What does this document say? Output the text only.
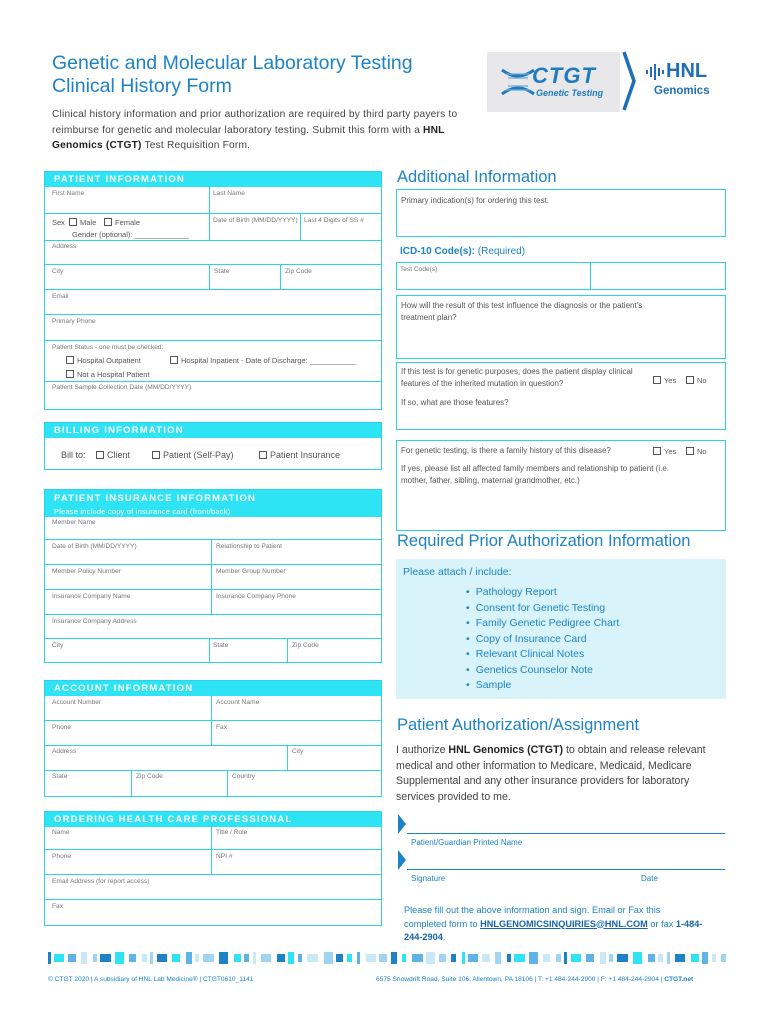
Genetic and Molecular Laboratory Testing
Clinical History Form
Clinical history information and prior authorization are required by third party payers to reimburse for genetic and molecular laboratory testing. Submit this form with a HNL Genomics (CTGT) Test Requisition Form.
CTGT
Genetic Testing
HNL
Genomics
PATIENT INFORMATION
First Name	Last Name
Sex	Male	Female
Gender (optional): _____________
Date of Birth (MM/DD/YYYY) Last 4 Digits of SS #
Address
City	State	Zip Code
Email
Primary Phone
Patient Status - one must be checked:
Hospital Outpatient	Hospital Inpatient - Date of Discharge: ___________
Not a Hospital Patient
Patient Sample Collection Date (MM/DD/YYYY)
BILLING INFORMATION
Bill to:	Client	Patient (Self-Pay)	Patient Insurance
PATIENT INSURANCE INFORMATION
Please include copy of insurance card (front/back)
Member Name
Date of Birth (MM/DD/YYYY)	Relationship to Patient
Member Policy Number	Member Group Number
Insurance Company Name	Insurance Company Phone
Insurance Company Address
City	State	Zip Code
ACCOUNT INFORMATION
Account Number	Account Name
Phone	Fax
Address	City
State	Zip Code	Country
ORDERING HEALTH CARE PROFESSIONAL
Name	Title / Role
Phone	NPI #
Email Address (for report access)
Fax
Additional Information
Primary indication(s) for ordering this test.
ICD-10 Code(s): (Required)
Test Code(s)
How will the result of this test influence the diagnosis or the patient's treatment plan?
If this test is for genetic purposes, does the patient display clinical features of the inherited mutation in question?
If so, what are those features?
Yes	No
For genetic testing, is there a family history of this disease?
If yes, please list all affected family members and relationship to patient (i.e. mother, father, sibling, maternal grandmother, etc.)
Yes	No
Required Prior Authorization Information
Please attach / include:
• Pathology Report
• Consent for Genetic Testing
• Family Genetic Pedigree Chart
• Copy of Insurance Card
• Relevant Clinical Notes
• Genetics Counselor Note
• Sample
Patient Authorization/Assignment
I authorize HNL Genomics (CTGT) to obtain and release relevant medical and other information to Medicare, Medicaid, Medicare Supplemental and any other insurance providers for laboratory services provided to me.
Patient/Guardian Printed Name
Signature	Date
Please fill out the above information and sign. Email or Fax this completed form to HNLGENOMICSINQUIRIES@HNL.COM or fax 1-484-244-2904.
© CTGT 2020 | A subsidiary of HNL Lab Medicine® | CTGT0610_1141	6575 Snowdrift Road, Suite 106, Allentown, PA 18106 | T: +1 484-244-2900 | F: +1 484-244-2904 | CTGT.net
